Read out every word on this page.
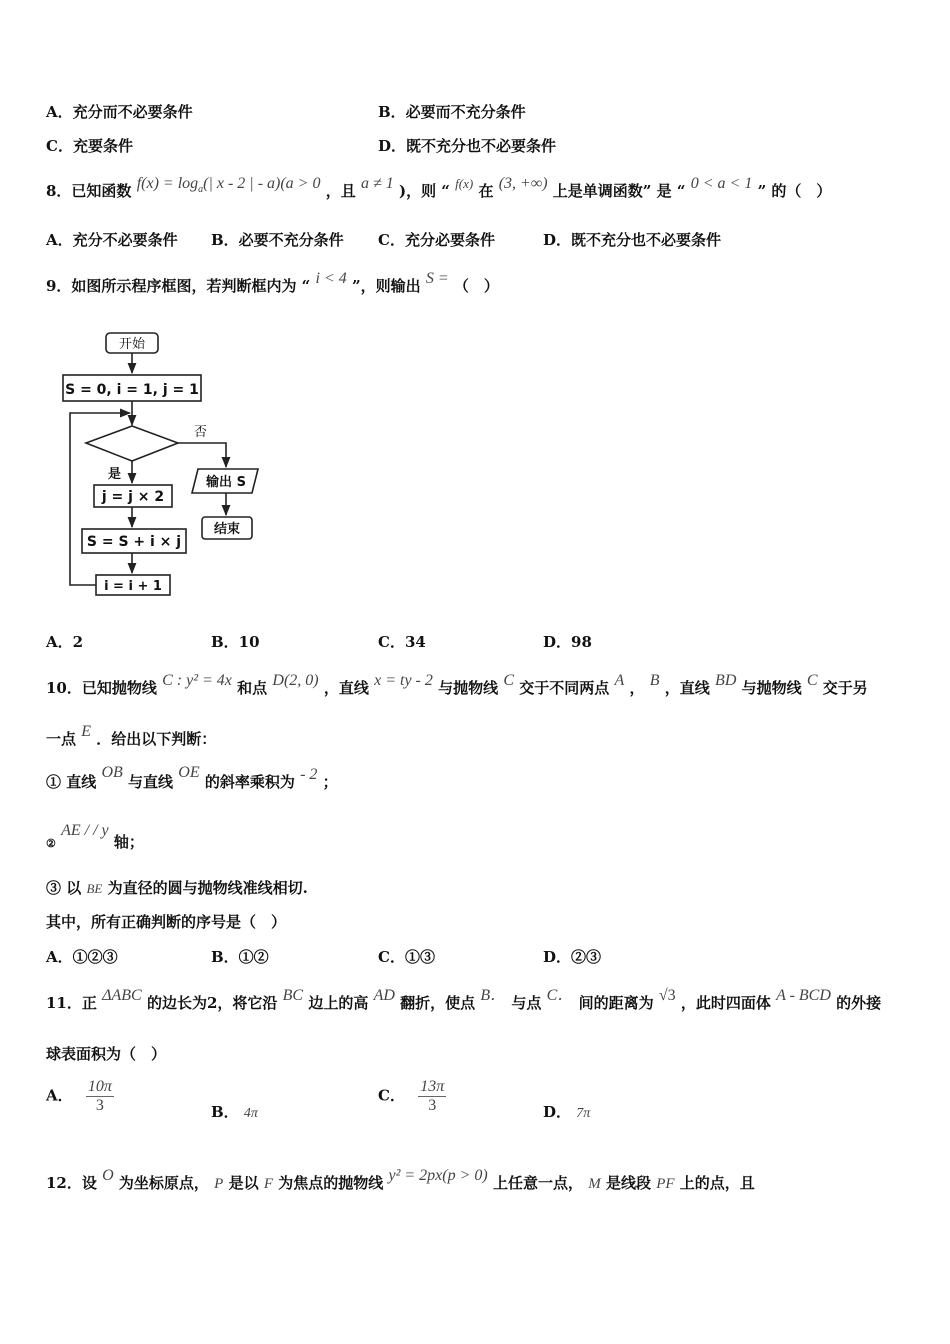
A．充分而不必要条件	B．必要而不充分条件
C．充要条件	D．既不充分也不必要条件
8．已知函数 $f(x) = \log_a(|$ x - 2 | - a)(a > 0 ，且 a ≠ 1 )，则 “ f(x) 在 (3, +∞) 上是单调函数” 是 “ 0 < a < 1 ” 的（　）
A．充分不必要条件 B．必要不充分条件 C．充分必要条件	D．既不充分也不必要条件
9．如图所示程序框图，若判断框内为 “ i < 4 ”，则输出 S = （　）
开始
S = 0, i = 1, j = 1
否
是
输出 S
结束
j = j × 2
S = S + i × j
i = i + 1
A．2	B．10	C．34	D．98
10．已知抛物线 C : y² = 4x 和点 D(2, 0) ，直线 x = ty - 2 与抛物线 C 交于不同两点 A ， B ，直线 BD 与抛物线 C 交于另
一点 E ．给出以下判断：
① 直线 OB 与直线 OE 的斜率乘积为 - 2 ；
② AE / / y 轴；
③ 以 BE 为直径的圆与抛物线准线相切.
其中，所有正确判断的序号是（　）
A．①②③	B．①②	C．①③	D．②③
11．正 ΔABC 的边长为2，将它沿 BC 边上的高 AD 翻折，使点 B． 与点 C． 间的距离为 √3 ，此时四面体 A - BCD 的外接
球表面积为（　）
A． $\frac{10\pi}{3}$	B． 4π
C． $\frac{13\pi}{3}$	D． 7π
12．设 O 为坐标原点， P 是以 F 为焦点的抛物线 y² = 2px(p > 0) 上任意一点， M 是线段 PF 上的点，且
